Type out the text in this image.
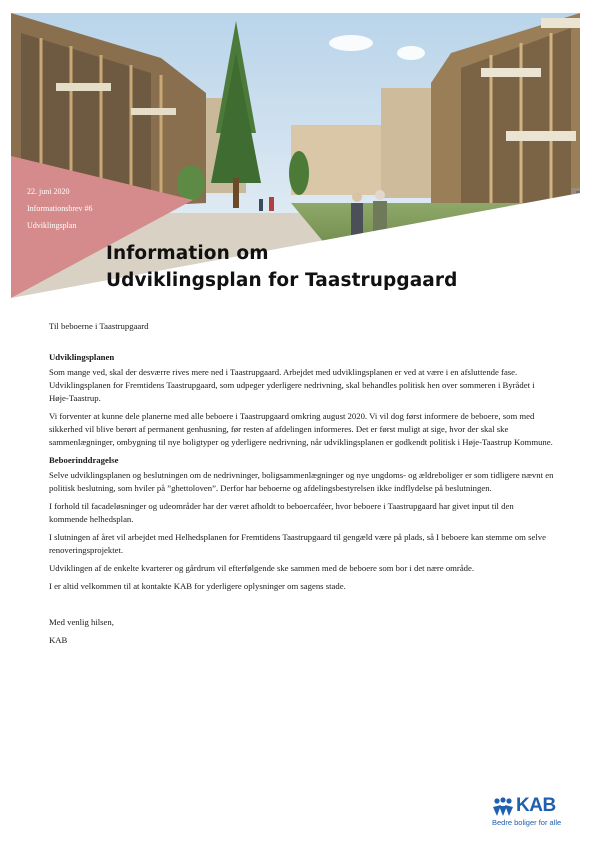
22. juni 2020
Informationsbrev #6
Udviklingsplan
Information om
Udviklingsplan for Taastrupgaard

Til beboerne i Taastrupgaard

Udviklingsplanen

Som mange ved, skal der desværre rives mere ned i Taastrupgaard. Arbejdet med udviklingsplanen er ved at være i en afsluttende fase. Udviklingsplanen for Fremtidens Taastrupgaard, som udpeger yderligere nedrivning, skal behandles politisk hen over sommeren i Byrådet i Høje-Taastrup.

Vi forventer at kunne dele planerne med alle beboere i Taastrupgaard omkring august 2020. Vi vil dog først informere de beboere, som med sikkerhed vil blive berørt af permanent genhusning, før resten af afdelingen informeres. Det er først muligt at sige, hvor der skal ske sammenlægninger, ombygning til nye boligtyper og yderligere nedrivning, når udviklingsplanen er godkendt politisk i Høje-Taastrup Kommune.

Beboerinddragelse

Selve udviklingsplanen og beslutningen om de nedrivninger, boligsammenlægninger og nye ungdoms- og ældreboliger er som tidligere nævnt en politisk beslutning, som hviler på ”ghettoloven”. Derfor har beboerne og afdelingsbestyrelsen ikke indflydelse på beslutningen.

I forhold til facadeløsninger og udeområder har der været afholdt to beboercaféer, hvor beboere i Taastrupgaard har givet input til den kommende helhedsplan.

I slutningen af året vil arbejdet med Helhedsplanen for Fremtidens Taastrupgaard til gengæld være på plads, så I beboere kan stemme om selve renoveringsprojektet.

Udviklingen af de enkelte kvarterer og gårdrum vil efterfølgende ske sammen med de beboere som bor i det nære område.

I er altid velkommen til at kontakte KAB for yderligere oplysninger om sagens stade.

Med venlig hilsen,

KAB

KAB
Bedre boliger for alle
